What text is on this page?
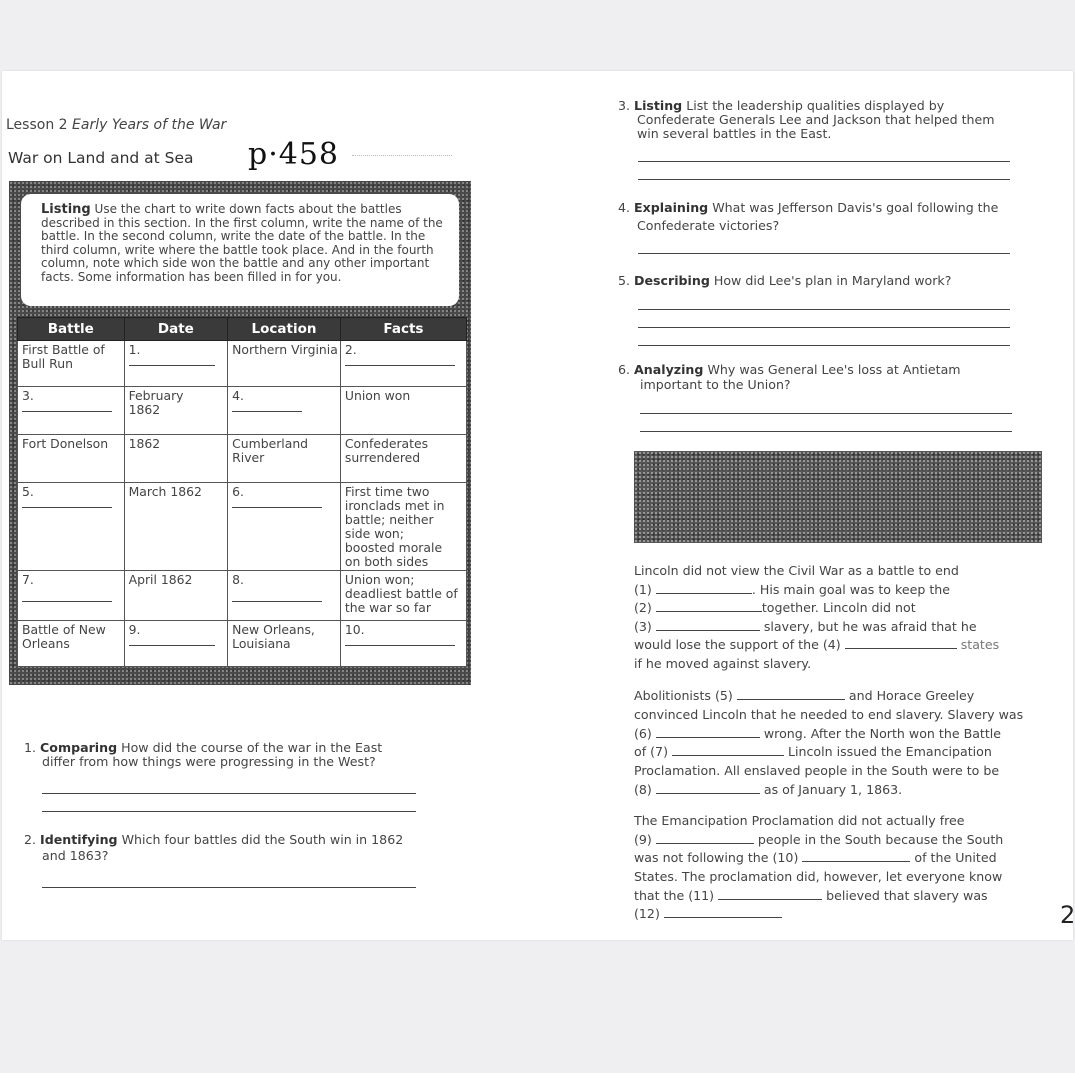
Lesson 2 Early Years of the War
War on Land and at Sea p·458
Listing Use the chart to write down facts about the battles described in this section. In the first column, write the name of the battle. In the second column, write the date of the battle. In the third column, write where the battle took place. And in the fourth column, note which side won the battle and any other important facts. Some information has been filled in for you.
Battle	Date	Location	Facts
First Battle of Bull Run	1.	Northern Virginia	2.

3.	February 1862	4.	Union won
Fort Donelson	1862	Cumberland River	Confederates surrendered
5.	March 1862	6.	First time two ironclads met in battle; neither side won; boosted morale on both sides
7.	April 1862	8.	Union won; deadliest battle of the war so far
Battle of New Orleans	9.	New Orleans, Louisiana	10.
1. Comparing How did the course of the war in the East
differ from how things were progressing in the West?
2. Identifying Which four battles did the South win in 1862
and 1863?
3. Listing List the leadership qualities displayed by
Confederate Generals Lee and Jackson that helped them
win several battles in the East.
4. Explaining What was Jefferson Davis's goal following the
Confederate victories?
5. Describing How did Lee's plan in Maryland work?
6. Analyzing Why was General Lee's loss at Antietam
important to the Union?
Lincoln did not view the Civil War as a battle to end
(1)	. His main goal was to keep the
(2)	together. Lincoln did not
(3)	slavery, but he was afraid that he
would lose the support of the (4)	states
if he moved against slavery.
Abolitionists (5)	and Horace Greeley
convinced Lincoln that he needed to end slavery. Slavery was
(6)	wrong. After the North won the Battle
of (7)	Lincoln issued the Emancipation
Proclamation. All enslaved people in the South were to be
(8)	as of January 1, 1863.
The Emancipation Proclamation did not actually free
(9)	people in the South because the South
was not following the (10)	of the United
States. The proclamation did, however, let everyone know
that the (11)	believed that slavery was
(12)	2
